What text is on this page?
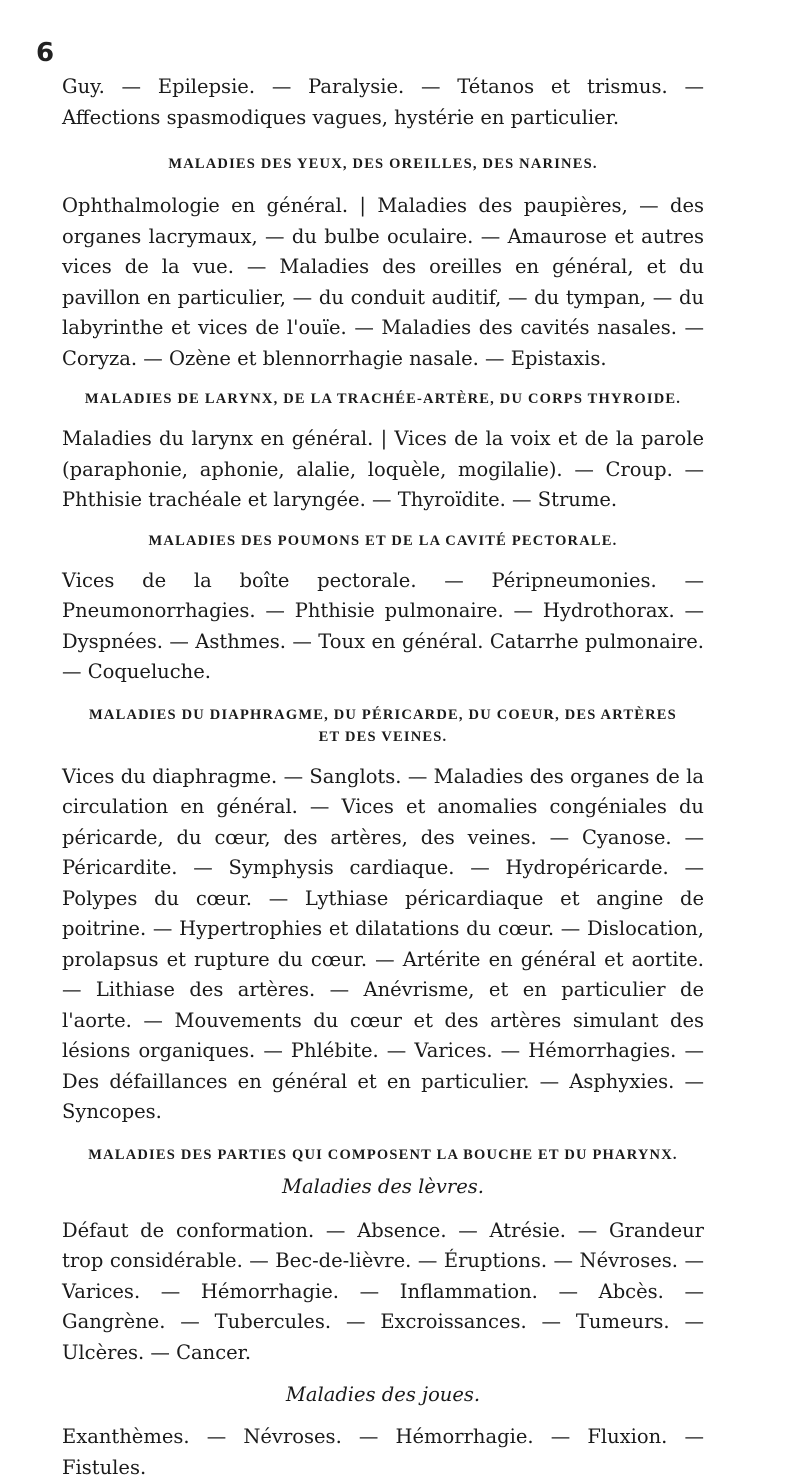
6

Guy. — Epilepsie. — Paralysie. — Tétanos et trismus. — Affections spasmodiques vagues, hystérie en particulier.

MALADIES DES YEUX, DES OREILLES, DES NARINES.

Ophthalmologie en général. | Maladies des paupières, — des organes lacrymaux, — du bulbe oculaire. — Amaurose et autres vices de la vue. — Maladies des oreilles en général, et du pavillon en particulier, — du conduit auditif, — du tympan, — du labyrinthe et vices de l'ouïe. — Maladies des cavités nasales. — Coryza. — Ozène et blennorrhagie nasale. — Epistaxis.

MALADIES DE LARYNX, DE LA TRACHÉE-ARTÈRE, DU CORPS THYROIDE.

Maladies du larynx en général. | Vices de la voix et de la parole (paraphonie, aphonie, alalie, loquèle, mogilalie). — Croup. — Phthisie trachéale et laryngée. — Thyroïdite. — Strume.

MALADIES DES POUMONS ET DE LA CAVITÉ PECTORALE.

Vices de la boîte pectorale. — Péripneumonies. — Pneumonorrhagies. — Phthisie pulmonaire. — Hydrothorax. — Dyspnées. — Asthmes. — Toux en général. Catarrhe pulmonaire. — Coqueluche.

MALADIES DU DIAPHRAGME, DU PÉRICARDE, DU COEUR, DES ARTÈRES

ET DES VEINES.

Vices du diaphragme. — Sanglots. — Maladies des organes de la circulation en général. — Vices et anomalies congéniales du péricarde, du cœur, des artères, des veines. — Cyanose. — Péricardite. — Symphysis cardiaque. — Hydropéricarde. — Polypes du cœur. — Lythiase péricardiaque et angine de poitrine. — Hypertrophies et dilatations du cœur. — Dislocation, prolapsus et rupture du cœur. — Artérite en général et aortite. — Lithiase des artères. — Anévrisme, et en particulier de l'aorte. — Mouvements du cœur et des artères simulant des lésions organiques. — Phlébite. — Varices. — Hémorrhagies. — Des défaillances en général et en particulier. — Asphyxies. — Syncopes.

MALADIES DES PARTIES QUI COMPOSENT LA BOUCHE ET DU PHARYNX.

Maladies des lèvres.

Défaut de conformation. — Absence. — Atrésie. — Grandeur trop considérable. — Bec-de-lièvre. — Éruptions. — Névroses. — Varices. — Hémorrhagie. — Inflammation. — Abcès. — Gangrène. — Tubercules. — Excroissances. — Tumeurs. — Ulcères. — Cancer.

Maladies des joues.

Exanthèmes. — Névroses. — Hémorrhagie. — Fluxion. — Fistules.
